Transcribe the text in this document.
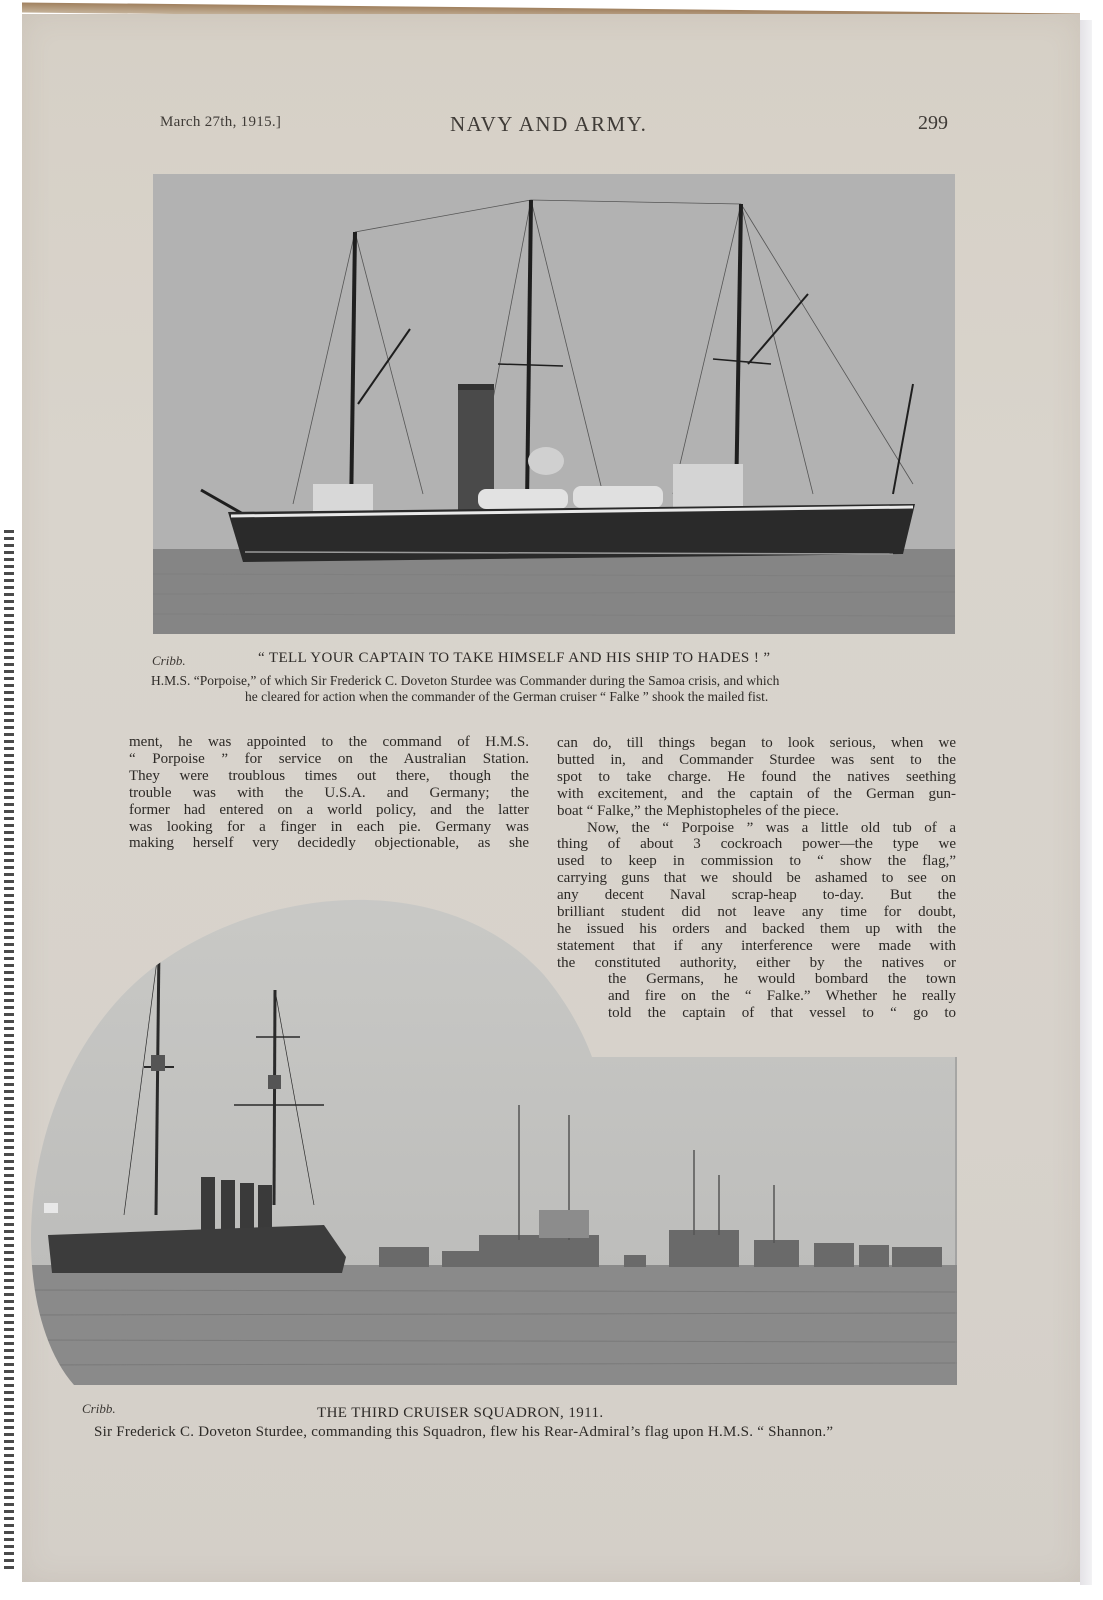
March 27th, 1915.]	NAVY AND ARMY.	299
Cribb.	“ TELL YOUR CAPTAIN TO TAKE HIMSELF AND HIS SHIP TO HADES ! ”
H.M.S. “Porpoise,” of which Sir Frederick C. Doveton Sturdee was Commander during the Samoa crisis, and which
he cleared for action when the commander of the German cruiser “ Falke ” shook the mailed fist.

ment, he was appointed to the command of H.M.S.

“ Porpoise ” for service on the Australian Station.

They were troublous times out there, though the

trouble was with the U.S.A. and Germany; the

former had entered on a world policy, and the latter

was looking for a finger in each pie. Germany was

making herself very decidedly objectionable, as she

can do, till things began to look serious, when we

butted in, and Commander Sturdee was sent to the

spot to take charge. He found the natives seething

with excitement, and the captain of the German gun-

boat “ Falke,” the Mephistopheles of the piece.

Now, the “ Porpoise ” was a little old tub of a

thing of about 3 cockroach power—the type we

used to keep in commission to “ show the flag,”

carrying guns that we should be ashamed to see on

any decent Naval scrap-heap to-day. But the

brilliant student did not leave any time for doubt,

he issued his orders and backed them up with the

statement that if any interference were made with

the constituted authority, either by the natives or

the Germans, he would bombard the town

and fire on the “ Falke.” Whether he really

told the captain of that vessel to “ go to

Cribb.	THE THIRD CRUISER SQUADRON, 1911.
Sir Frederick C. Doveton Sturdee, commanding this Squadron, flew his Rear-Admiral’s flag upon H.M.S. “ Shannon.”
